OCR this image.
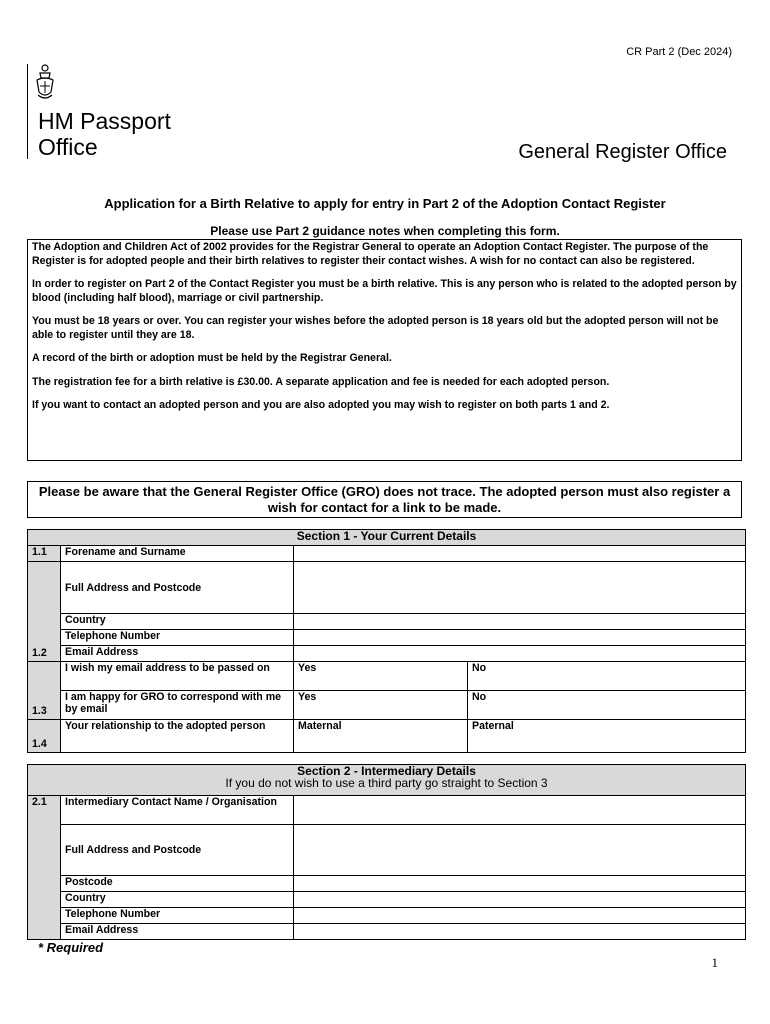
CR Part 2 (Dec 2024)
HM Passport
Office	General Register Office
Application for a Birth Relative to apply for entry in Part 2 of the Adoption Contact Register
Please use Part 2 guidance notes when completing this form.

The Adoption and Children Act of 2002 provides for the Registrar General to operate an Adoption Contact Register. The purpose of the Register is for adopted people and their birth relatives to register their contact wishes. A wish for no contact can also be registered.

In order to register on Part 2 of the Contact Register you must be a birth relative. This is any person who is related to the adopted person by blood (including half blood), marriage or civil partnership.

You must be 18 years or over. You can register your wishes before the adopted person is 18 years old but the adopted person will not be able to register until they are 18.

A record of the birth or adoption must be held by the Registrar General.

The registration fee for a birth relative is £30.00. A separate application and fee is needed for each adopted person.

If you want to contact an adopted person and you are also adopted you may wish to register on both parts 1 and 2.

Please be aware that the General Register Office (GRO) does not trace. The adopted person must also register a wish for contact for a link to be made.
Section 1 - Your Current Details			
1.1	Forename and Surname		
1.2	Full Address and Postcode		
	Country		
	Telephone Number		
	Email Address		
1.3	I wish my email address to be passed on	Yes	No
	I am happy for GRO to correspond with me by email	Yes	No
1.4	Your relationship to the adopted person	Maternal	Paternal
Section 2 - Intermediary Details
If you do not wish to use a third party go straight to Section 3		

2.1	Intermediary Contact Name / Organisation	
	Full Address and Postcode	
	Postcode	
	Country	
	Telephone Number	
	Email Address	
* Required
1
